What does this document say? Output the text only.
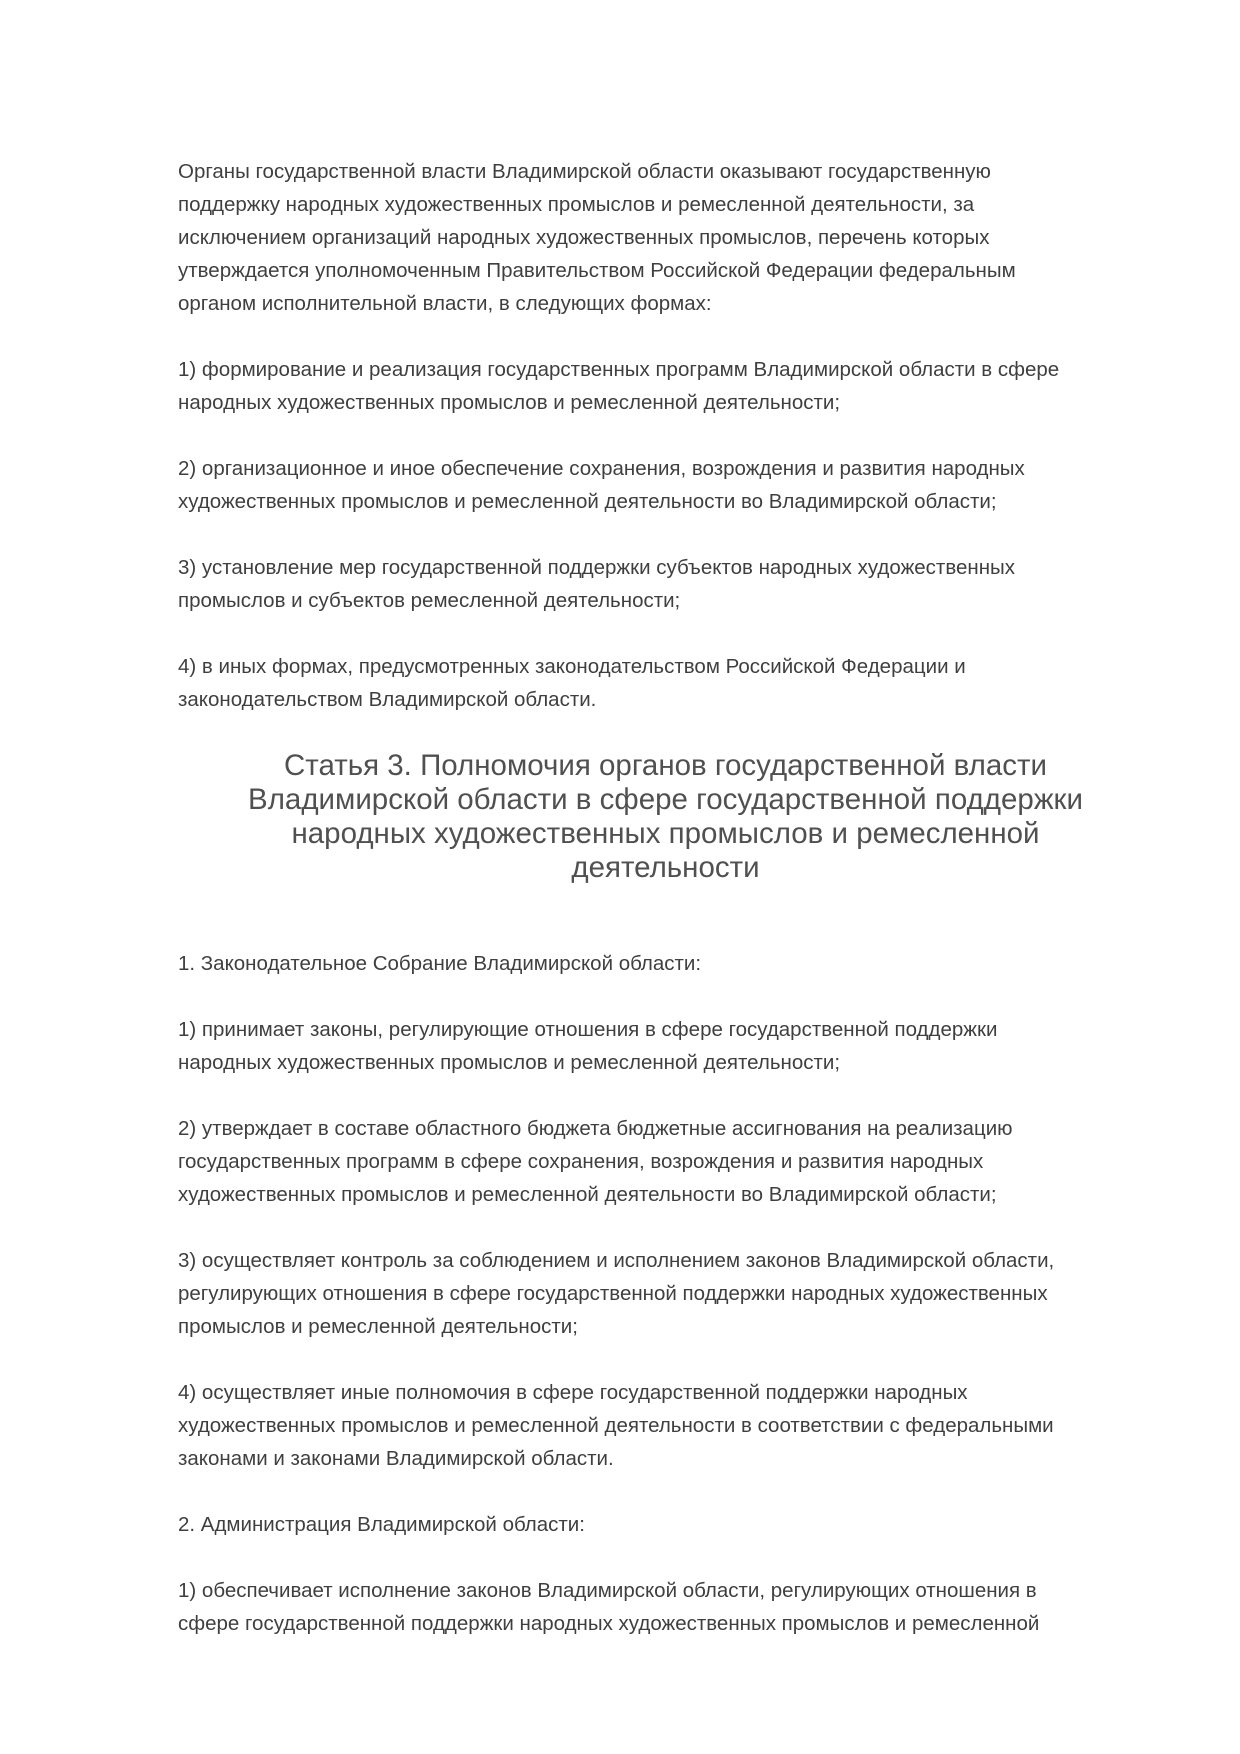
Органы государственной власти Владимирской области оказывают государственную
поддержку народных художественных промыслов и ремесленной деятельности, за
исключением организаций народных художественных промыслов, перечень которых
утверждается уполномоченным Правительством Российской Федерации федеральным
органом исполнительной власти, в следующих формах:

1) формирование и реализация государственных программ Владимирской области в сфере
народных художественных промыслов и ремесленной деятельности;

2) организационное и иное обеспечение сохранения, возрождения и развития народных
художественных промыслов и ремесленной деятельности во Владимирской области;

3) установление мер государственной поддержки субъектов народных художественных
промыслов и субъектов ремесленной деятельности;

4) в иных формах, предусмотренных законодательством Российской Федерации и
законодательством Владимирской области.

Статья 3. Полномочия органов государственной власти
Владимирской области в сфере государственной поддержки
народных художественных промыслов и ремесленной
деятельности

1. Законодательное Собрание Владимирской области:

1) принимает законы, регулирующие отношения в сфере государственной поддержки
народных художественных промыслов и ремесленной деятельности;

2) утверждает в составе областного бюджета бюджетные ассигнования на реализацию
государственных программ в сфере сохранения, возрождения и развития народных
художественных промыслов и ремесленной деятельности во Владимирской области;

3) осуществляет контроль за соблюдением и исполнением законов Владимирской области,
регулирующих отношения в сфере государственной поддержки народных художественных
промыслов и ремесленной деятельности;

4) осуществляет иные полномочия в сфере государственной поддержки народных
художественных промыслов и ремесленной деятельности в соответствии с федеральными
законами и законами Владимирской области.

2. Администрация Владимирской области:

1) обеспечивает исполнение законов Владимирской области, регулирующих отношения в
сфере государственной поддержки народных художественных промыслов и ремесленной
